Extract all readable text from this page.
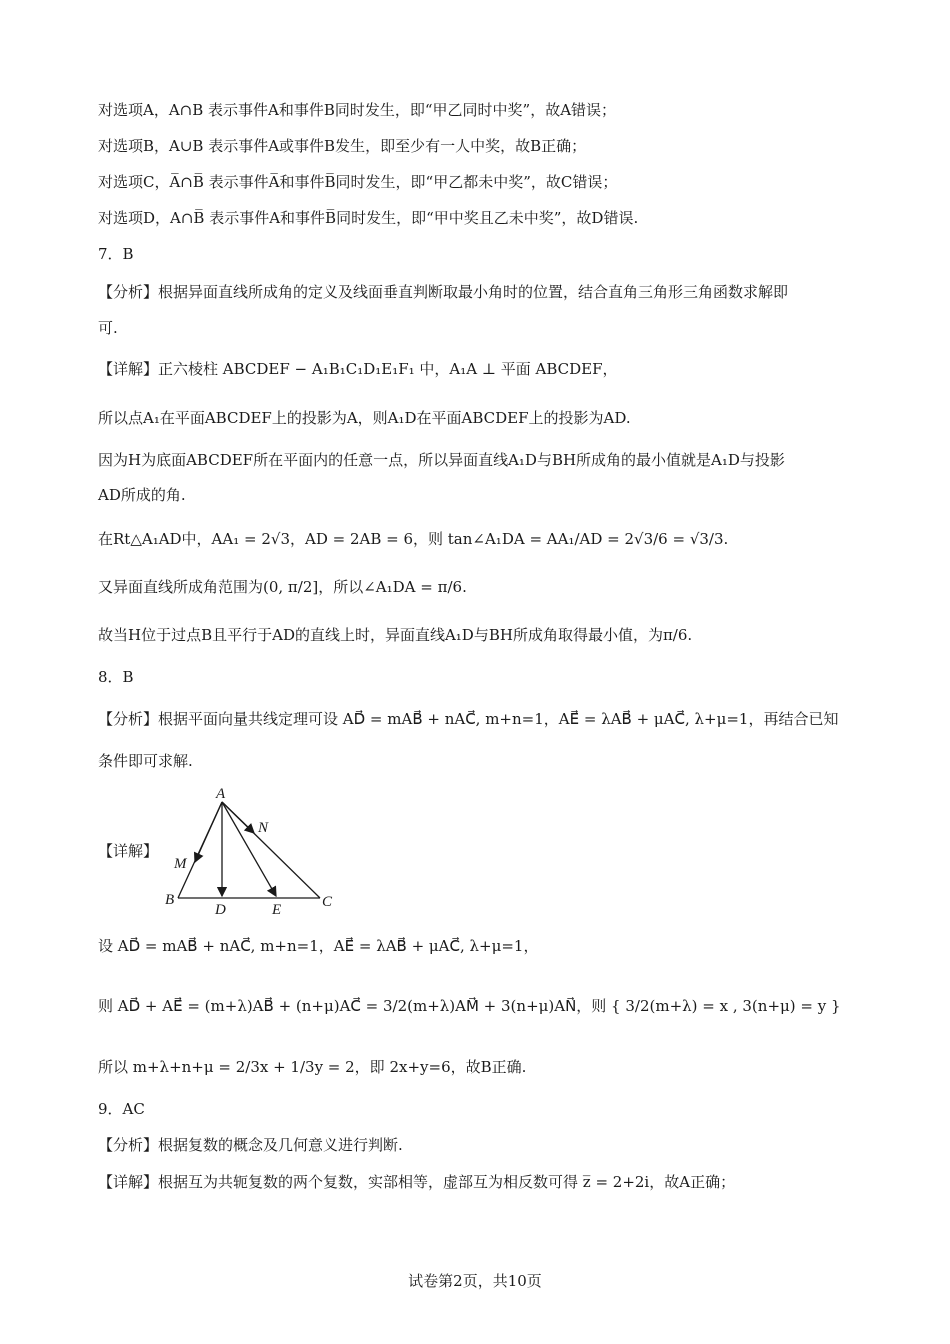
对选项A，A∩B 表示事件A和事件B同时发生，即“甲乙同时中奖”，故A错误；
对选项B，A∪B 表示事件A或事件B发生，即至少有一人中奖，故B正确；
对选项C，A̅∩B̅ 表示事件A̅和事件B̅同时发生，即“甲乙都未中奖”，故C错误；
对选项D，A∩B̅ 表示事件A和事件B̅同时发生，即“甲中奖且乙未中奖”，故D错误.
7．B
【分析】根据异面直线所成角的定义及线面垂直判断取最小角时的位置，结合直角三角形三角函数求解即
可.
【详解】正六棱柱 ABCDEF − A₁B₁C₁D₁E₁F₁ 中，A₁A ⊥ 平面 ABCDEF，
所以点A₁在平面ABCDEF上的投影为A，则A₁D在平面ABCDEF上的投影为AD.
因为H为底面ABCDEF所在平面内的任意一点，所以异面直线A₁D与BH所成角的最小值就是A₁D与投影
AD所成的角.
在Rt△A₁AD中，AA₁ = 2√3，AD = 2AB = 6，则 tan∠A₁DA = AA₁/AD = 2√3/6 = √3/3.
又异面直线所成角范围为(0, π/2]，所以∠A₁DA = π/6.
故当H位于过点B且平行于AD的直线上时，异面直线A₁D与BH所成角取得最小值，为π/6.
8．B
【分析】根据平面向量共线定理可设 AD⃗ = mAB⃗ + nAC⃗, m+n=1，AE⃗ = λAB⃗ + μAC⃗, λ+μ=1，再结合已知
条件即可求解.
【详解】
A
B	C
D	E
M
N
设 AD⃗ = mAB⃗ + nAC⃗, m+n=1，AE⃗ = λAB⃗ + μAC⃗, λ+μ=1，
则 AD⃗ + AE⃗ = (m+λ)AB⃗ + (n+μ)AC⃗ = 3/2(m+λ)AM⃗ + 3(n+μ)AN⃗，则 { 3/2(m+λ) = x , 3(n+μ) = y }
所以 m+λ+n+μ = 2/3x + 1/3y = 2，即 2x+y=6，故B正确.
9．AC
【分析】根据复数的概念及几何意义进行判断.
【详解】根据互为共轭复数的两个复数，实部相等，虚部互为相反数可得 z̅ = 2+2i，故A正确；
试卷第2页，共10页
